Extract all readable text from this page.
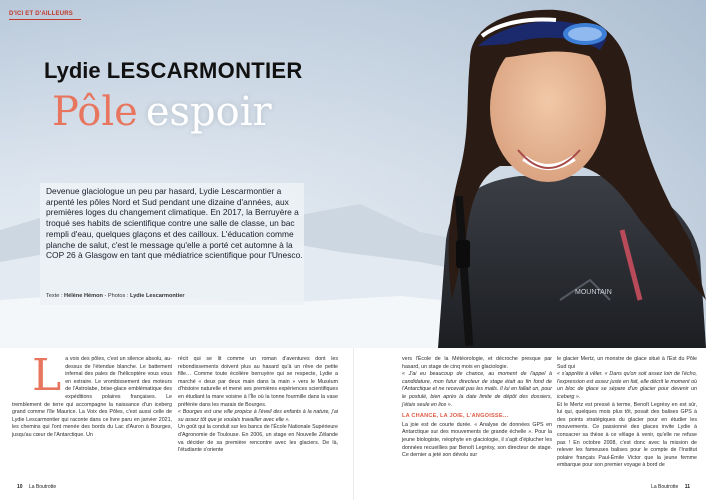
MOUNTAIN
D'ICI ET D'AILLEURS
Lydie LESCARMONTIER
Pôle espoir
Devenue glaciologue un peu par hasard, Lydie Lescarmontier a arpenté les pôles Nord et Sud pendant une dizaine d'années, aux premières loges du changement climatique. En 2017, la Berruyère a troqué ses habits de scientifique contre une salle de classe, un bac rempli d'eau, quelques glaçons et des cailloux. L'éducation comme planche de salut, c'est le message qu'elle a porté cet automne à la COP 26 à Glasgow en tant que médiatrice scientifique pour l'Unesco.
Texte : Hélène Hémon - Photos : Lydie Lescarmontier
L a voix des pôles, c'est un silence absolu, au-dessus de l'étendue blanche. Le battement infernal des pales de l'hélicoptère vous vous en extraire. Le vrombissement des moteurs de l'Astrolabe, brise-glace emblématique des expéditions polaires françaises. Le tremblement de terre qui accompagne la naissance d'un iceberg grand comme l'île Maurice. La Voix des Pôles, c'est aussi celle de Lydie Lescarmontier qui raconte dans ce livre paru en janvier 2021, les chemins qui l'ont menée des bords du Lac d'Auron à Bourges, jusqu'au cœur de l'Antarctique. Un

récit qui se lit comme un roman d'aventures dont les rebondissements doivent plus au hasard qu'à un rêve de petite fille… Comme toute écolière berruyère qui se respecte, Lydie a marché « deux par deux main dans la main » vers le Muséum d'histoire naturelle et mené ses premières expériences scientifiques en étudiant la mare voisine à l'Île où la tonne fourmille dans la vase préférée dans les marais de Bourges.

« Bourges est une ville propice à l'éveil des enfants à la nature, j'ai su assez tôt que je voulais travailler avec elle ».

Un goût qui la conduit sur les bancs de l'École Nationale Supérieure d'Agronomie de Toulouse. En 2006, un stage en Nouvelle Zélande va décider de sa première rencontre avec les glaciers. De là, l'étudiante s'oriente

vers l'École de la Météorologie, et décroche presque par hasard, un stage de cinq mois en glaciologie.

« J'ai eu beaucoup de chance, au moment de l'appel à candidature, mon futur directeur de stage était au fin fond de l'Antarctique et ne recevait pas les mails. Il lui en fallait un, pour le postulé, bien après la date limite de dépôt des dossiers, j'étais seule en lice ».

LA CHANCE, LA JOIE, L'ANGOISSE…

La joie est de courte durée. « Analyse de données GPS en Antarctique sur des mouvements de grande échelle ». Pour la jeune biologiste, néophyte en glaciologie, il s'agit d'éplucher les données recueillies par Benoît Legrésy, son directeur de stage. Ce dernier a jeté son dévolu sur

le glacier Mertz, un monstre de glace situé à l'Est du Pôle Sud qui

« s'apprête à vêler. « Dans qu'on soit assez loin de l'écho, l'expression est assez juste en fait, elle décrit le moment où un bloc de glace se sépare d'un glacier pour devenir un iceberg ».

Et le Mertz est pressé à terme, Benoît Legrésy en est sûr, lui qui, quelques mois plus tôt, posait des balises GPS à des points stratégiques du glacier pour en étudier les mouvements. Ce passionné des glaces invite Lydie à consacrer sa thèse à ce vêlage à venir, qu'elle ne refuse pas ! En octobre 2008, c'est donc avec la mission de relever les fameuses balises pour le compte de l'Institut polaire français Paul-Émile Victor que la jeune femme embarque pour son premier voyage à bord de

10 La Boutrotte	La Boutrotte 11
